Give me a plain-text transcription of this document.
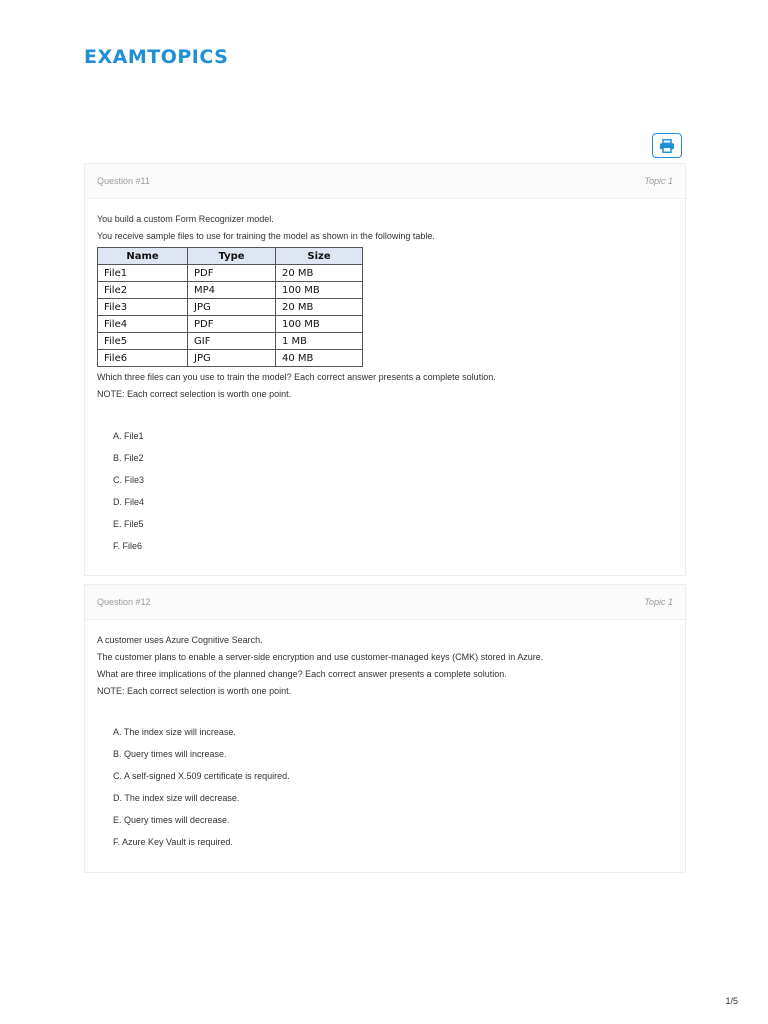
EXAMTOPICS
Question #11	Topic 1
You build a custom Form Recognizer model.
You receive sample files to use for training the model as shown in the following table.
Name	Type	Size
File1	PDF	20 MB
File2	MP4	100 MB
File3	JPG	20 MB
File4	PDF	100 MB
File5	GIF	1 MB
File6	JPG	40 MB
Which three files can you use to train the model? Each correct answer presents a complete solution.
NOTE: Each correct selection is worth one point.
A. File1
B. File2
C. File3
D. File4
E. File5
F. File6
Question #12	Topic 1
A customer uses Azure Cognitive Search.
The customer plans to enable a server-side encryption and use customer-managed keys (CMK) stored in Azure.
What are three implications of the planned change? Each correct answer presents a complete solution.
NOTE: Each correct selection is worth one point.
A. The index size will increase.
B. Query times will increase.
C. A self-signed X.509 certificate is required.
D. The index size will decrease.
E. Query times will decrease.
F. Azure Key Vault is required.
1/5
